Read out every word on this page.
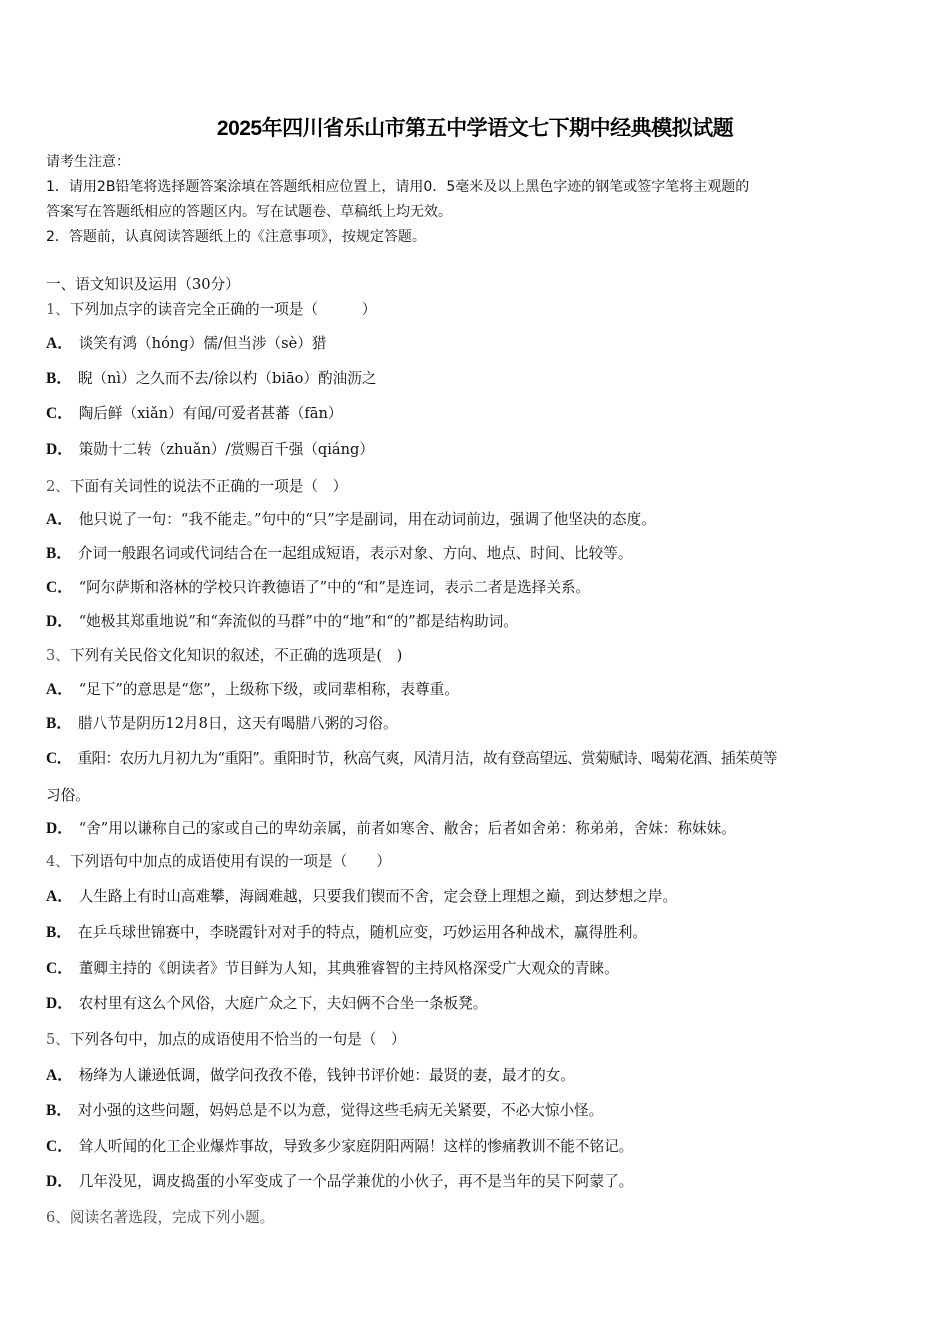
2025年四川省乐山市第五中学语文七下期中经典模拟试题
请考生注意：
1．请用2B铅笔将选择题答案涂填在答题纸相应位置上，请用0．5毫米及以上黑色字迹的钢笔或签字笔将主观题的
答案写在答题纸相应的答题区内。写在试题卷、草稿纸上均无效。
2．答题前，认真阅读答题纸上的《注意事项》，按规定答题。
一、语文知识及运用（30分）
1、下列加点字的读音完全正确的一项是（　　　）
A． 谈笑有鸿（hóng）儒/但当涉（sè）猎
B． 睨（nì）之久而不去/徐以杓（biāo）酌油沥之
C． 陶后鲜（xiǎn）有闻/可爱者甚蕃（fān）
D． 策勋十二转（zhuǎn）/赏赐百千强（qiáng）
2、下面有关词性的说法不正确的一项是（　）
A． 他只说了一句：“我不能走。”句中的“只”字是副词，用在动词前边，强调了他坚决的态度。
B． 介词一般跟名词或代词结合在一起组成短语，表示对象、方向、地点、时间、比较等。
C． “阿尔萨斯和洛林的学校只许教德语了”中的“和”是连词，表示二者是选择关系。
D． “她极其郑重地说”和“奔流似的马群”中的“地”和“的”都是结构助词。
3、下列有关民俗文化知识的叙述，不正确的选项是(　)
A． “足下”的意思是“您”，上级称下级，或同辈相称，表尊重。
B． 腊八节是阴历12月8日，这天有喝腊八粥的习俗。
C． 重阳：农历九月初九为“重阳”。重阳时节，秋高气爽，风清月洁，故有登高望远、赏菊赋诗、喝菊花酒、插茱萸等
习俗。
D． “舍”用以谦称自己的家或自己的卑幼亲属，前者如寒舍、敝舍；后者如舍弟：称弟弟，舍妹：称妹妹。
4、下列语句中加点的成语使用有误的一项是（　　）
A． 人生路上有时山高难攀，海阔难越，只要我们锲而不舍，定会登上理想之巅，到达梦想之岸。
B． 在乒乓球世锦赛中，李晓霞针对对手的特点，随机应变，巧妙运用各种战术，赢得胜利。
C． 董卿主持的《朗读者》节目鲜为人知，其典雅睿智的主持风格深受广大观众的青睐。
D． 农村里有这么个风俗，大庭广众之下，夫妇俩不合坐一条板凳。
5、下列各句中，加点的成语使用不恰当的一句是（　）
A． 杨绛为人谦逊低调，做学问孜孜不倦，钱钟书评价她：最贤的妻，最才的女。
B． 对小强的这些问题，妈妈总是不以为意，觉得这些毛病无关紧要，不必大惊小怪。
C． 耸人听闻的化工企业爆炸事故，导致多少家庭阴阳两隔！这样的惨痛教训不能不铭记。
D． 几年没见，调皮捣蛋的小军变成了一个品学兼优的小伙子，再不是当年的吴下阿蒙了。
6、阅读名著选段，完成下列小题。
